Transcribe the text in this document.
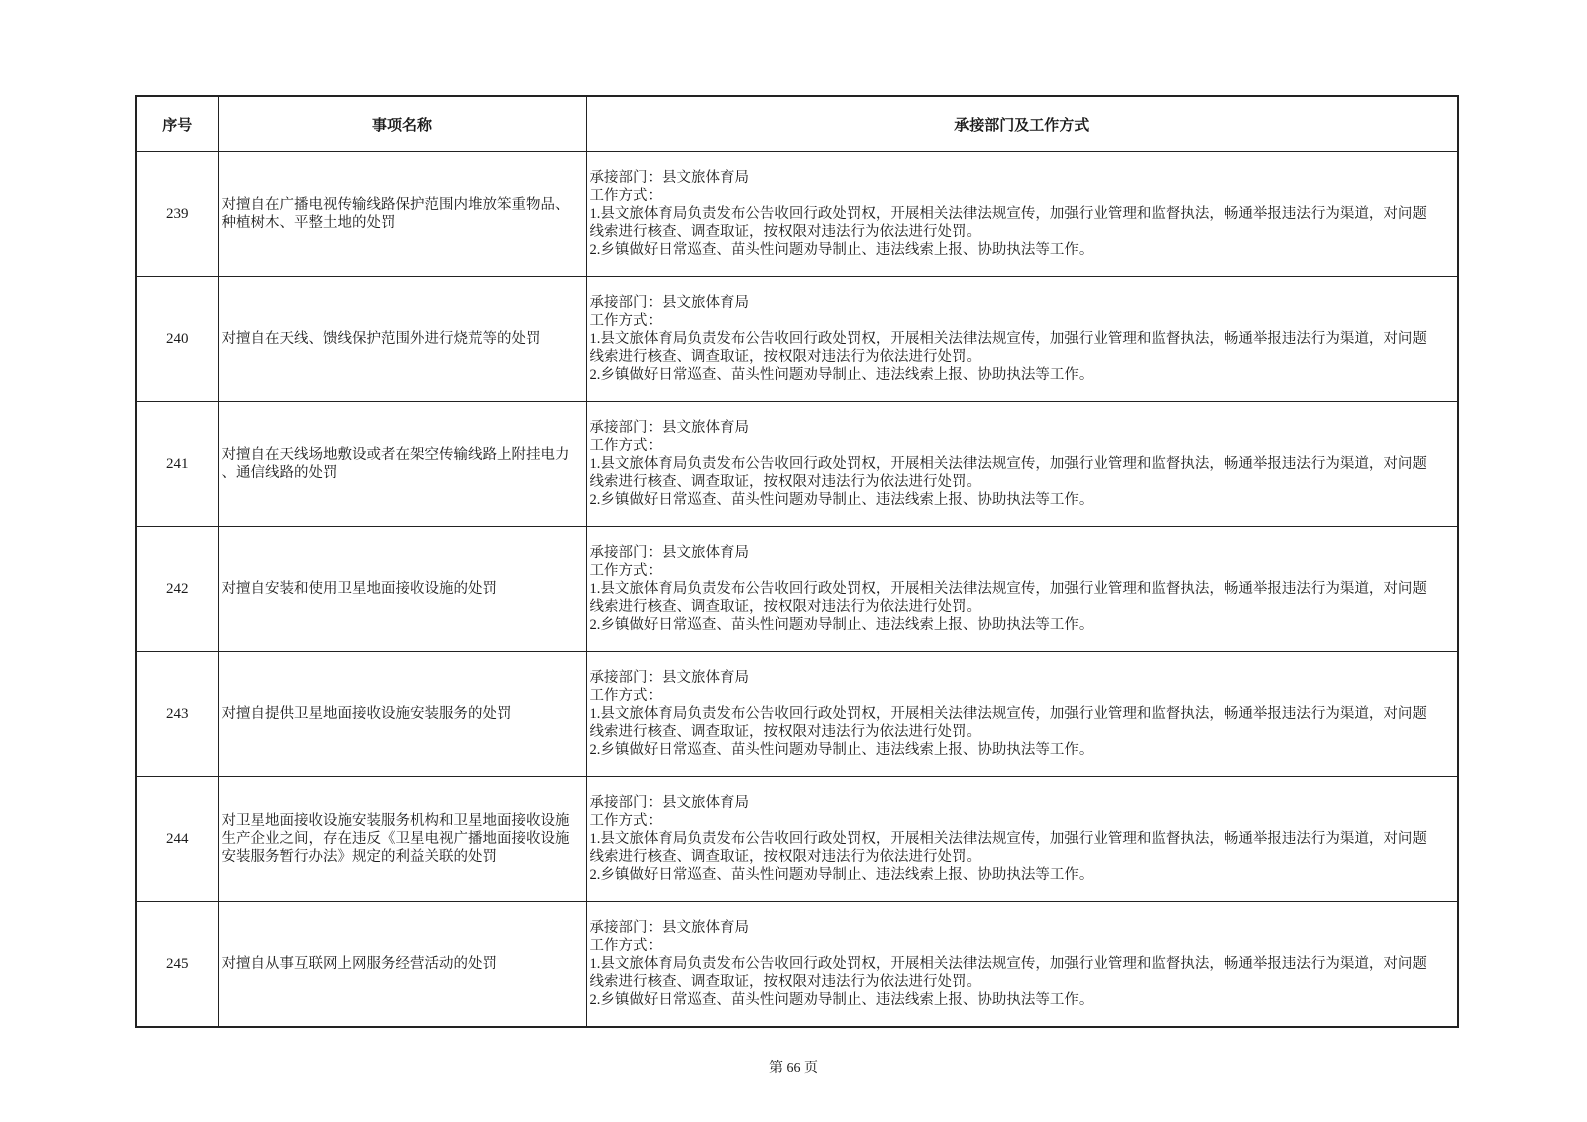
序号	事项名称	承接部门及工作方式
239	对擅自在广播电视传输线路保护范围内堆放笨重物品、
种植树木、平整土地的处罚	承接部门：县文旅体育局
工作方式：
1.县文旅体育局负责发布公告收回行政处罚权，开展相关法律法规宣传，加强行业管理和监督执法，畅通举报违法行为渠道，对问题
线索进行核查、调查取证，按权限对违法行为依法进行处罚。
2.乡镇做好日常巡查、苗头性问题劝导制止、违法线索上报、协助执法等工作。
240	对擅自在天线、馈线保护范围外进行烧荒等的处罚	承接部门：县文旅体育局
工作方式：
1.县文旅体育局负责发布公告收回行政处罚权，开展相关法律法规宣传，加强行业管理和监督执法，畅通举报违法行为渠道，对问题
线索进行核查、调查取证，按权限对违法行为依法进行处罚。
2.乡镇做好日常巡查、苗头性问题劝导制止、违法线索上报、协助执法等工作。
241	对擅自在天线场地敷设或者在架空传输线路上附挂电力
、通信线路的处罚	承接部门：县文旅体育局
工作方式：
1.县文旅体育局负责发布公告收回行政处罚权，开展相关法律法规宣传，加强行业管理和监督执法，畅通举报违法行为渠道，对问题
线索进行核查、调查取证，按权限对违法行为依法进行处罚。
2.乡镇做好日常巡查、苗头性问题劝导制止、违法线索上报、协助执法等工作。
242	对擅自安装和使用卫星地面接收设施的处罚	承接部门：县文旅体育局
工作方式：
1.县文旅体育局负责发布公告收回行政处罚权，开展相关法律法规宣传，加强行业管理和监督执法，畅通举报违法行为渠道，对问题
线索进行核查、调查取证，按权限对违法行为依法进行处罚。
2.乡镇做好日常巡查、苗头性问题劝导制止、违法线索上报、协助执法等工作。
243	对擅自提供卫星地面接收设施安装服务的处罚	承接部门：县文旅体育局
工作方式：
1.县文旅体育局负责发布公告收回行政处罚权，开展相关法律法规宣传，加强行业管理和监督执法，畅通举报违法行为渠道，对问题
线索进行核查、调查取证，按权限对违法行为依法进行处罚。
2.乡镇做好日常巡查、苗头性问题劝导制止、违法线索上报、协助执法等工作。
244	对卫星地面接收设施安装服务机构和卫星地面接收设施
生产企业之间，存在违反《卫星电视广播地面接收设施
安装服务暂行办法》规定的利益关联的处罚	承接部门：县文旅体育局
工作方式：
1.县文旅体育局负责发布公告收回行政处罚权，开展相关法律法规宣传，加强行业管理和监督执法，畅通举报违法行为渠道，对问题
线索进行核查、调查取证，按权限对违法行为依法进行处罚。
2.乡镇做好日常巡查、苗头性问题劝导制止、违法线索上报、协助执法等工作。
245	对擅自从事互联网上网服务经营活动的处罚	承接部门：县文旅体育局
工作方式：
1.县文旅体育局负责发布公告收回行政处罚权，开展相关法律法规宣传，加强行业管理和监督执法，畅通举报违法行为渠道，对问题
线索进行核查、调查取证，按权限对违法行为依法进行处罚。
2.乡镇做好日常巡查、苗头性问题劝导制止、违法线索上报、协助执法等工作。
第 66 页
